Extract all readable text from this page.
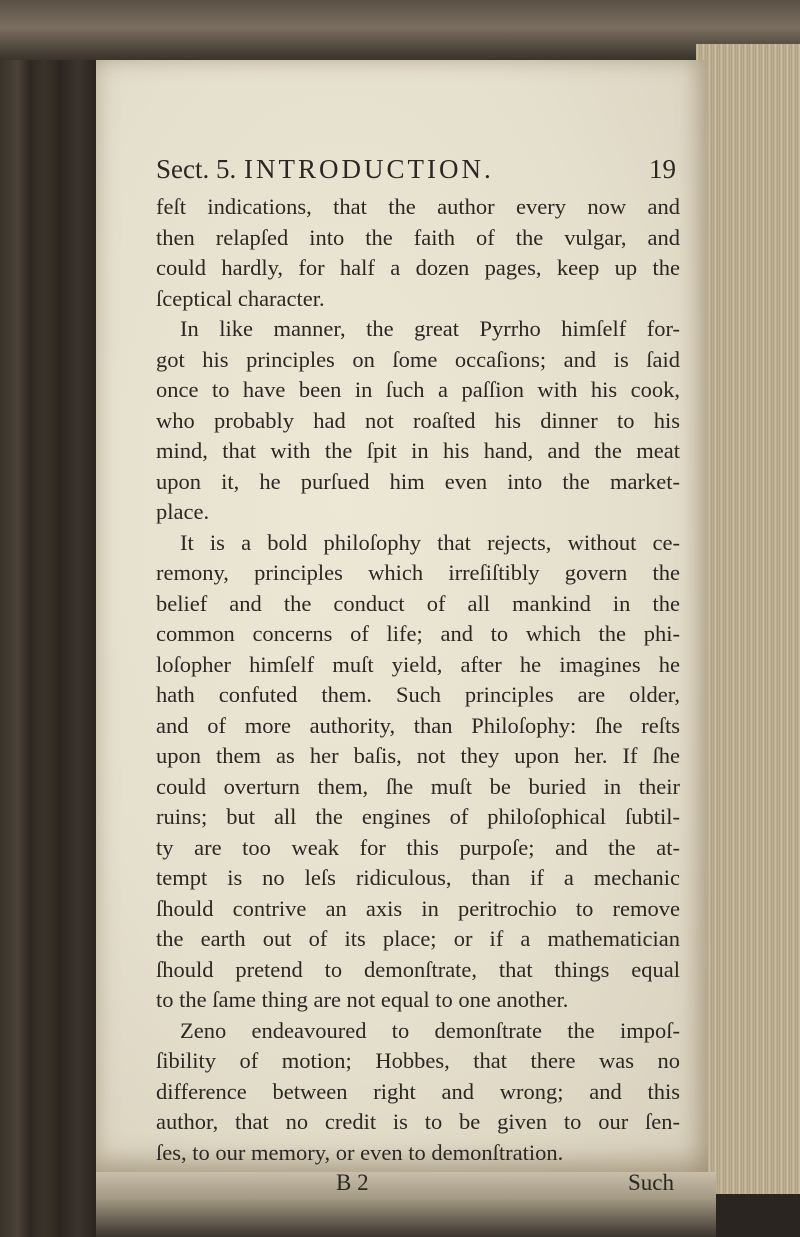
Sect. 5. INTRODUCTION.	19
feſt indications, that the author every now and
then relapſed into the faith of the vulgar, and
could hardly, for half a dozen pages, keep up the
ſceptical character.
In like manner, the great Pyrrho himſelf for-
got his principles on ſome occaſions; and is ſaid
once to have been in ſuch a paſſion with his cook,
who probably had not roaſted his dinner to his
mind, that with the ſpit in his hand, and the meat
upon it, he purſued him even into the market-
place.
It is a bold philoſophy that rejects, without ce-
remony, principles which irreſiſtibly govern the
belief and the conduct of all mankind in the
common concerns of life; and to which the phi-
loſopher himſelf muſt yield, after he imagines he
hath confuted them. Such principles are older,
and of more authority, than Philoſophy: ſhe reſts
upon them as her baſis, not they upon her. If ſhe
could overturn them, ſhe muſt be buried in their
ruins; but all the engines of philoſophical ſubtil-
ty are too weak for this purpoſe; and the at-
tempt is no leſs ridiculous, than if a mechanic
ſhould contrive an axis in peritrochio to remove
the earth out of its place; or if a mathematician
ſhould pretend to demonſtrate, that things equal
to the ſame thing are not equal to one another.
Zeno endeavoured to demonſtrate the impoſ-
ſibility of motion; Hobbes, that there was no
difference between right and wrong; and this
author, that no credit is to be given to our ſen-
ſes, to our memory, or even to demonſtration.
B 2	Such
